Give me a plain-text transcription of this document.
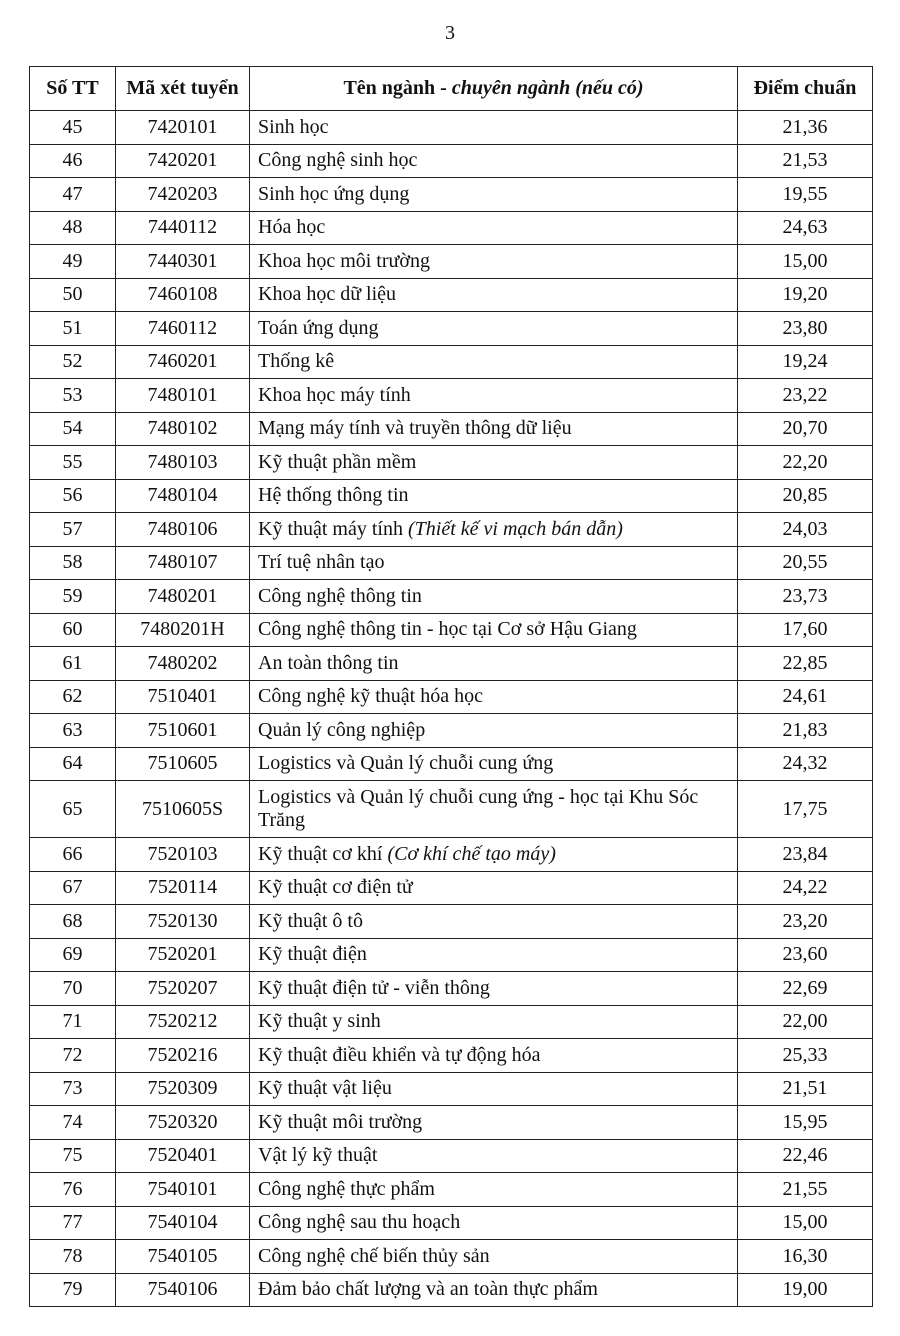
3
Số TT	Mã xét tuyển	Tên ngành - chuyên ngành (nếu có)	Điểm chuẩn
45	7420101	Sinh học	21,36
46	7420201	Công nghệ sinh học	21,53
47	7420203	Sinh học ứng dụng	19,55
48	7440112	Hóa học	24,63
49	7440301	Khoa học môi trường	15,00
50	7460108	Khoa học dữ liệu	19,20
51	7460112	Toán ứng dụng	23,80
52	7460201	Thống kê	19,24
53	7480101	Khoa học máy tính	23,22
54	7480102	Mạng máy tính và truyền thông dữ liệu	20,70
55	7480103	Kỹ thuật phần mềm	22,20
56	7480104	Hệ thống thông tin	20,85
57	7480106	Kỹ thuật máy tính (Thiết kế vi mạch bán dẫn)	24,03
58	7480107	Trí tuệ nhân tạo	20,55
59	7480201	Công nghệ thông tin	23,73
60	7480201H	Công nghệ thông tin - học tại Cơ sở Hậu Giang	17,60
61	7480202	An toàn thông tin	22,85
62	7510401	Công nghệ kỹ thuật hóa học	24,61
63	7510601	Quản lý công nghiệp	21,83
64	7510605	Logistics và Quản lý chuỗi cung ứng	24,32
65	7510605S	Logistics và Quản lý chuỗi cung ứng - học tại Khu Sóc Trăng	17,75
66	7520103	Kỹ thuật cơ khí (Cơ khí chế tạo máy)	23,84
67	7520114	Kỹ thuật cơ điện tử	24,22
68	7520130	Kỹ thuật ô tô	23,20
69	7520201	Kỹ thuật điện	23,60
70	7520207	Kỹ thuật điện tử - viễn thông	22,69
71	7520212	Kỹ thuật y sinh	22,00
72	7520216	Kỹ thuật điều khiển và tự động hóa	25,33
73	7520309	Kỹ thuật vật liệu	21,51
74	7520320	Kỹ thuật môi trường	15,95
75	7520401	Vật lý kỹ thuật	22,46
76	7540101	Công nghệ thực phẩm	21,55
77	7540104	Công nghệ sau thu hoạch	15,00
78	7540105	Công nghệ chế biến thủy sản	16,30
79	7540106	Đảm bảo chất lượng và an toàn thực phẩm	19,00
